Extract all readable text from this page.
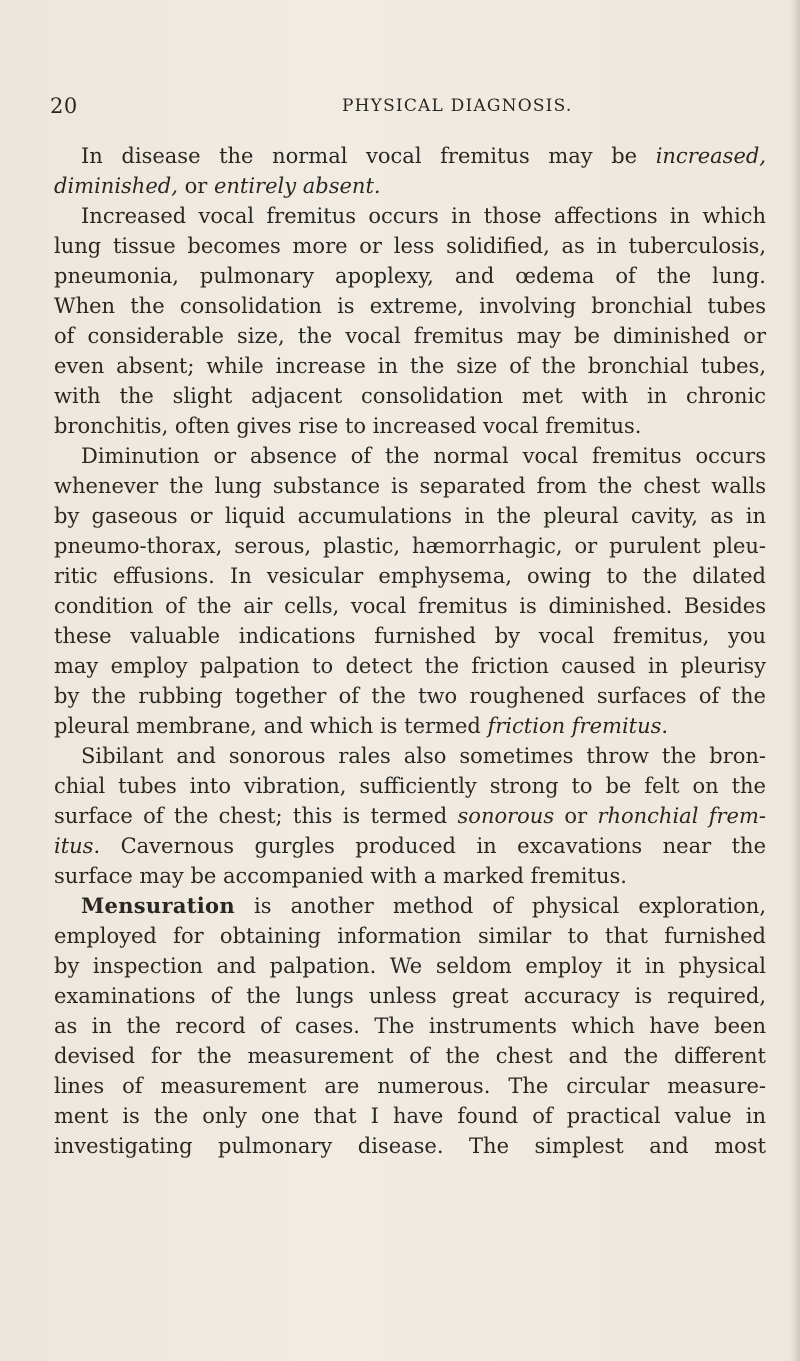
20	PHYSICAL DIAGNOSIS.
In disease the normal vocal fremitus may be increased,
diminished, or entirely absent.
Increased vocal fremitus occurs in those affections in which
lung tissue becomes more or less solidified, as in tuberculosis,
pneumonia, pulmonary apoplexy, and œdema of the lung.
When the consolidation is extreme, involving bronchial tubes
of considerable size, the vocal fremitus may be diminished or
even absent; while increase in the size of the bronchial tubes,
with the slight adjacent consolidation met with in chronic
bronchitis, often gives rise to increased vocal fremitus.
Diminution or absence of the normal vocal fremitus occurs
whenever the lung substance is separated from the chest walls
by gaseous or liquid accumulations in the pleural cavity, as in
pneumo-thorax, serous, plastic, hæmorrhagic, or purulent pleu-
ritic effusions. In vesicular emphysema, owing to the dilated
condition of the air cells, vocal fremitus is diminished. Besides
these valuable indications furnished by vocal fremitus, you
may employ palpation to detect the friction caused in pleurisy
by the rubbing together of the two roughened surfaces of the
pleural membrane, and which is termed friction fremitus.
Sibilant and sonorous rales also sometimes throw the bron-
chial tubes into vibration, sufficiently strong to be felt on the
surface of the chest; this is termed sonorous or rhonchial frem-
itus. Cavernous gurgles produced in excavations near the
surface may be accompanied with a marked fremitus.
Mensuration is another method of physical exploration,
employed for obtaining information similar to that furnished
by inspection and palpation. We seldom employ it in physical
examinations of the lungs unless great accuracy is required,
as in the record of cases. The instruments which have been
devised for the measurement of the chest and the different
lines of measurement are numerous. The circular measure-
ment is the only one that I have found of practical value in
investigating pulmonary disease. The simplest and most
